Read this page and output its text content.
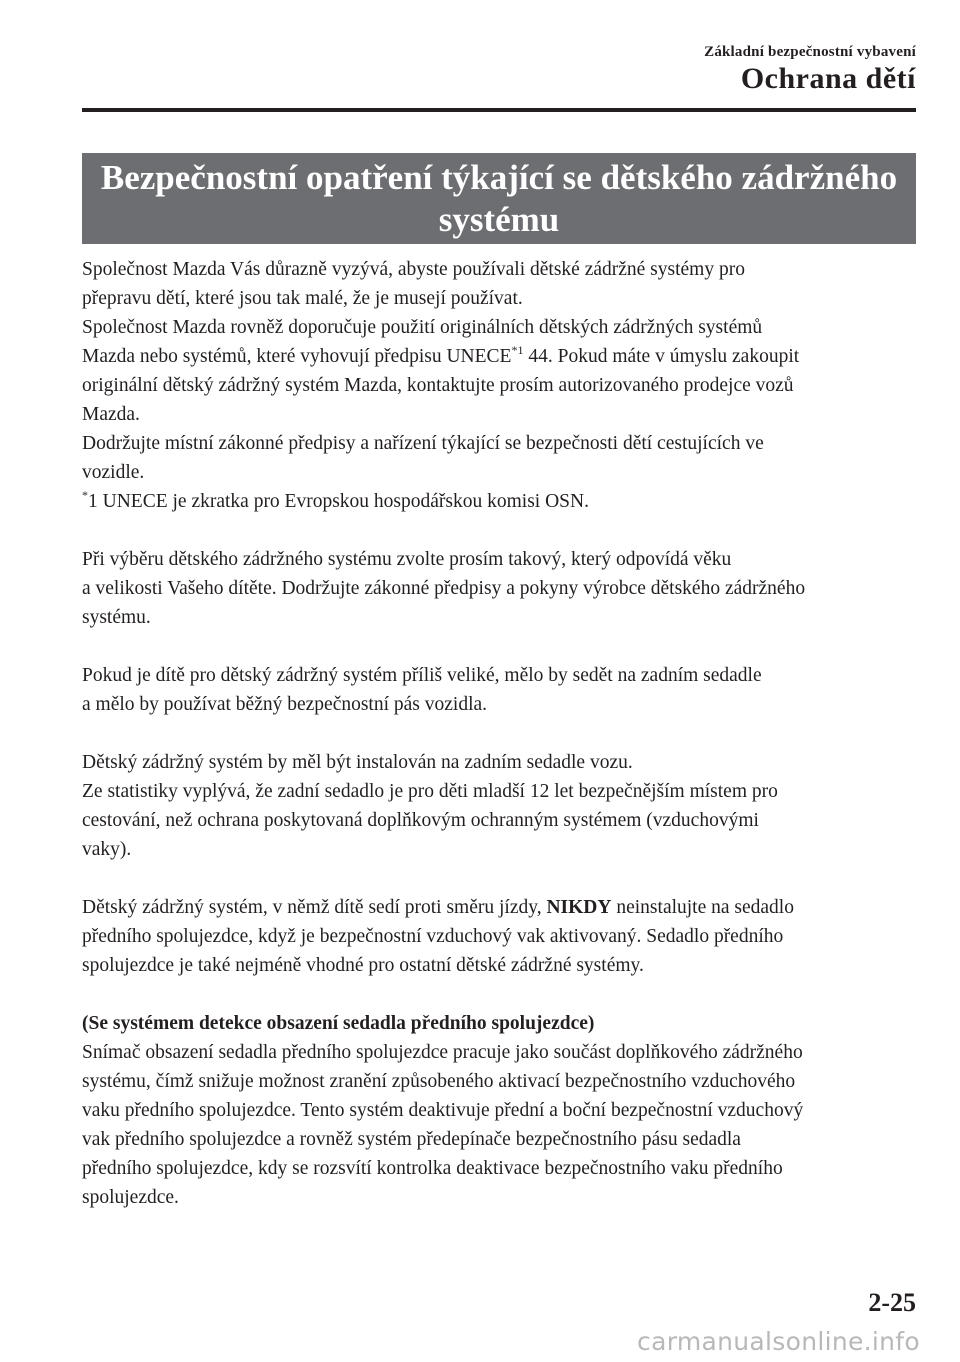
Základní bezpečnostní vybavení
Ochrana dětí
Bezpečnostní opatření týkající se dětského zádržného
systému

Společnost Mazda Vás důrazně vyzývá, abyste používali dětské zádržné systémy pro

přepravu dětí, které jsou tak malé, že je musejí používat.

Společnost Mazda rovněž doporučuje použití originálních dětských zádržných systémů

Mazda nebo systémů, které vyhovují předpisu UNECE$^{*1}$ 44. Pokud máte v úmyslu zakoupit

originální dětský zádržný systém Mazda, kontaktujte prosím autorizovaného prodejce vozů

Mazda.

Dodržujte místní zákonné předpisy a nařízení týkající se bezpečnosti dětí cestujících ve

vozidle.

*1 UNECE je zkratka pro Evropskou hospodářskou komisi OSN.

Při výběru dětského zádržného systému zvolte prosím takový, který odpovídá věku

a velikosti Vašeho dítěte. Dodržujte zákonné předpisy a pokyny výrobce dětského zádržného

systému.

Pokud je dítě pro dětský zádržný systém příliš veliké, mělo by sedět na zadním sedadle

a mělo by používat běžný bezpečnostní pás vozidla.

Dětský zádržný systém by měl být instalován na zadním sedadle vozu.

Ze statistiky vyplývá, že zadní sedadlo je pro děti mladší 12 let bezpečnějším místem pro

cestování, než ochrana poskytovaná doplňkovým ochranným systémem (vzduchovými

vaky).

Dětský zádržný systém, v němž dítě sedí proti směru jízdy, NIKDY neinstalujte na sedadlo

předního spolujezdce, když je bezpečnostní vzduchový vak aktivovaný. Sedadlo předního

spolujezdce je také nejméně vhodné pro ostatní dětské zádržné systémy.

(Se systémem detekce obsazení sedadla předního spolujezdce)

Snímač obsazení sedadla předního spolujezdce pracuje jako součást doplňkového zádržného

systému, čímž snižuje možnost zranění způsobeného aktivací bezpečnostního vzduchového

vaku předního spolujezdce. Tento systém deaktivuje přední a boční bezpečnostní vzduchový

vak předního spolujezdce a rovněž systém předepínače bezpečnostního pásu sedadla

předního spolujezdce, kdy se rozsvítí kontrolka deaktivace bezpečnostního vaku předního

spolujezdce.

2-25
carmanualsonline.info
